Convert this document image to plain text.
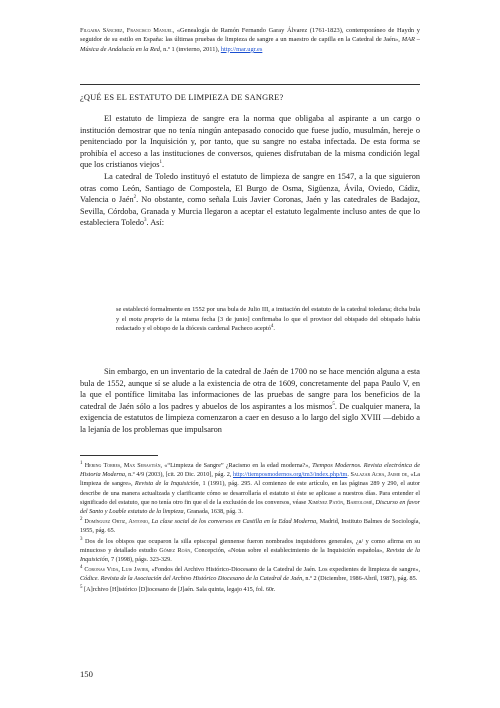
Filgaira Sánchez, Francisco Manuel, «Genealogía de Ramón Fernando Garay Álvarez (1761-1823), contemporáneo de Haydn y seguidor de su estilo en España: las últimas pruebas de limpieza de sangre a un maestro de capilla en la Catedral de Jaén», MAR – Música de Andalucía en la Red, n.º 1 (invierno, 2011), http://mar.ugr.es
¿QUÉ ES EL ESTATUTO DE LIMPIEZA DE SANGRE?

El estatuto de limpieza de sangre era la norma que obligaba al aspirante a un cargo o institución demostrar que no tenía ningún antepasado conocido que fuese judío, musulmán, hereje o penitenciado por la Inquisición y, por tanto, que su sangre no estaba infectada. De esta forma se prohibía el acceso a las instituciones de conversos, quienes disfrutaban de la misma condición legal que los cristianos viejos$^1$.

La catedral de Toledo instituyó el estatuto de limpieza de sangre en 1547, a la que siguieron otras como León, Santiago de Compostela, El Burgo de Osma, Sigüenza, Ávila, Oviedo, Cádiz, Valencia o Jaén$^2$. No obstante, como señala Luis Javier Coronas, Jaén y las catedrales de Badajoz, Sevilla, Córdoba, Granada y Murcia llegaron a aceptar el estatuto legalmente incluso antes de que lo estableciera Toledo$^3$. Así:

se estableció formalmente en 1552 por una bula de Julio III, a imitación del estatuto de la catedral toledana; dicha bula y el motu proprio de la misma fecha [3 de junio] confirmaba lo que el provisor del obispado del obispado había redactado y el obispo de la diócesis cardenal Pacheco aceptó$^4$.

Sin embargo, en un inventario de la catedral de Jaén de 1700 no se hace mención alguna a esta bula de 1552, aunque sí se alude a la existencia de otra de 1609, concretamente del papa Paulo V, en la que el pontífice limitaba las informaciones de las pruebas de sangre para los beneficios de la catedral de Jaén sólo a los padres y abuelos de los aspirantes a los mismos$^5$. De cualquier manera, la exigencia de estatutos de limpieza comenzaron a caer en desuso a lo largo del siglo XVIII —debido a la lejanía de los problemas que impulsaron

$^1$ Hering Torres, Max Sebastián, «“Limpieza de Sangre” ¿Racismo en la edad moderna?», Tiempos Modernos. Revista electrónica de Historia Moderna, n.º 4/9 (2003), [cit. 20 Dic. 2010], pág. 2, http://tiemposmodernos.org/tm3/index.php/tm. Salazar Acha, Jaime de, «La limpieza de sangre», Revista de la Inquisición, 1 (1991), pág. 295. Al comienzo de este artículo, en las páginas 289 y 290, el autor describe de una manera actualizada y clarificante cómo se desarrollaría el estatuto si éste se aplicase a nuestros días. Para entender el significado del estatuto, que no tenía otro fin que el de la exclusión de los conversos, véase Ximénez Patón, Bartolomé, Discurso en favor del Santo y Loable estatuto de la limpieza, Granada, 1638, pág. 3.

$^2$ Domínguez Ortiz, Antonio, La clase social de los conversos en Castilla en la Edad Moderna, Madrid, Instituto Balmes de Sociología, 1955, pág. 65.

$^3$ Dos de los obispos que ocuparon la silla episcopal giennense fueron nombrados inquisidores generales, ¿a/ y como afirma en su minucioso y detallado estudio Gómez Roán, Concepción, «Notas sobre el establecimiento de la Inquisición española», Revista de la Inquisición, 7 (1998), págs. 323-329.

$^4$ Coronas Vida, Luis Javier, «Fondos del Archivo Histórico-Diocesano de la Catedral de Jaén. Los expedientes de limpieza de sangre», Códice. Revista de la Asociación del Archivo Histórico Diocesano de la Catedral de Jaén, n.º 2 (Diciembre, 1986-Abril, 1987), pág. 85.

$^5$ [A]rchivo [H]istórico [D]iocesano de [J]aén. Sala quinta, legajo 415, fol. 60r.

150
